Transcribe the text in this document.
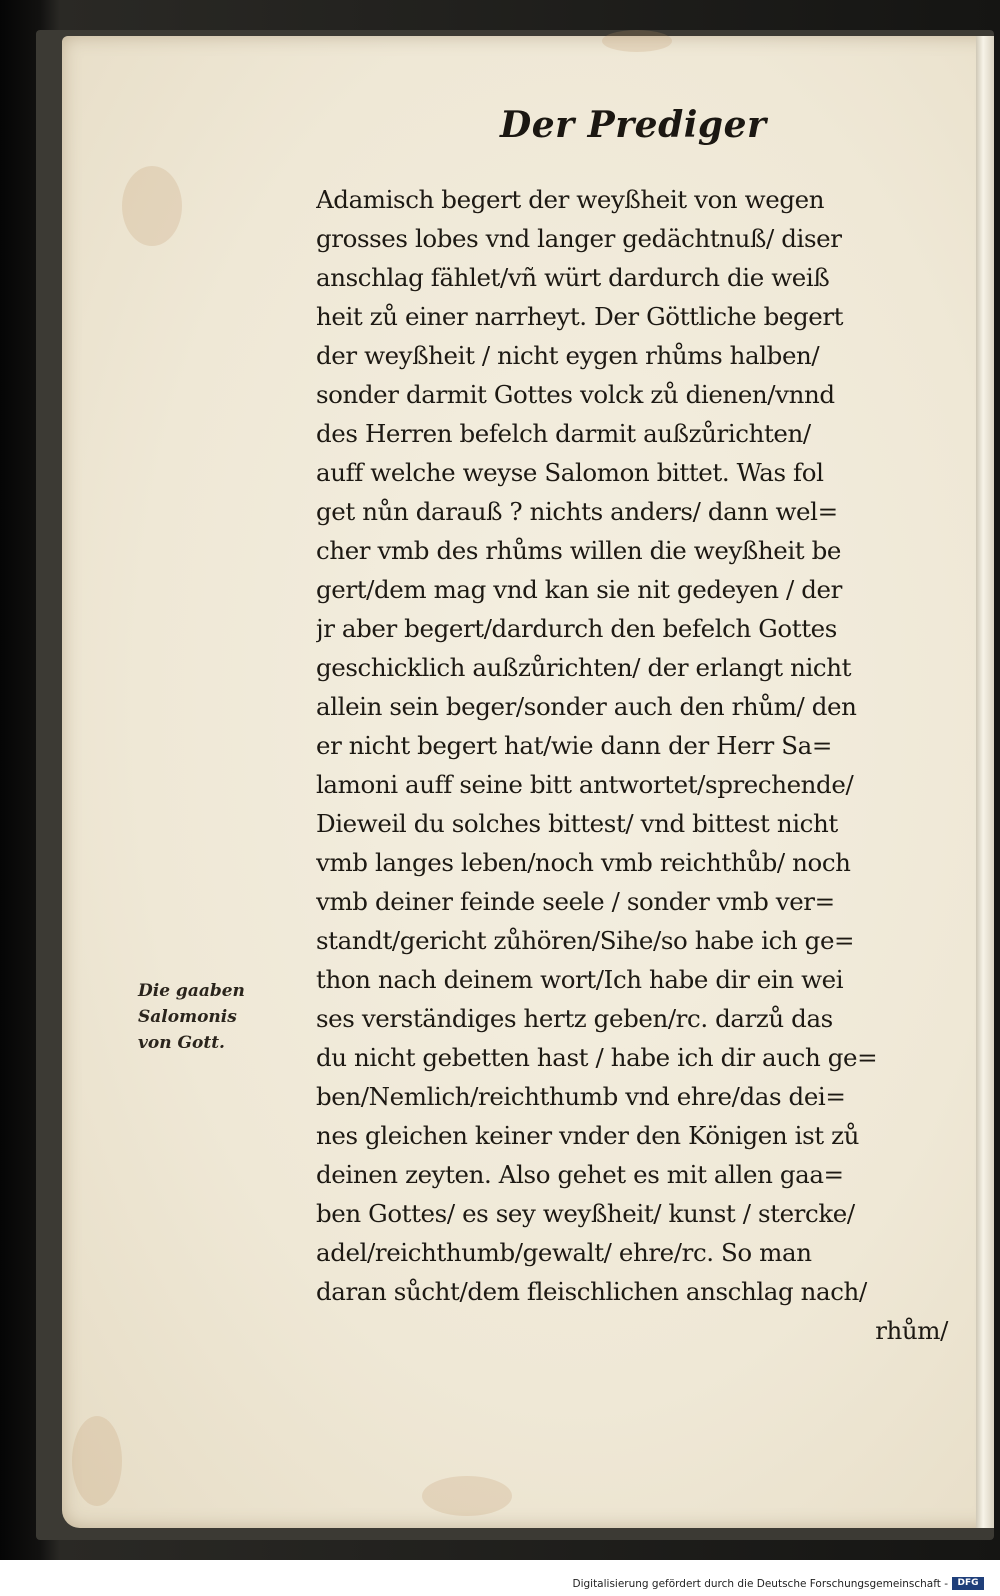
Der Prediger
Adamisch begert der weyßheit von wegen
grosses lobes vnd langer gedächtnuß/ diser
anschlag fählet/vñ würt dardurch die weiß
heit zů einer narrheyt. Der Göttliche begert
der weyßheit / nicht eygen rhůms halben/
sonder darmit Gottes volck zů dienen/vnnd
des Herren befelch darmit außzůrichten/
auff welche weyse Salomon bittet. Was fol
get nůn darauß ? nichts anders/ dann wel=
cher vmb des rhůms willen die weyßheit be
gert/dem mag vnd kan sie nit gedeyen / der
jr aber begert/dardurch den befelch Gottes
geschicklich außzůrichten/ der erlangt nicht
allein sein beger/sonder auch den rhům/ den
er nicht begert hat/wie dann der Herr Sa=
lamoni auff seine bitt antwortet/sprechende/
Dieweil du solches bittest/ vnd bittest nicht
vmb langes leben/noch vmb reichthůb/ noch
vmb deiner feinde seele / sonder vmb ver=
standt/gericht zůhören/Sihe/so habe ich ge=
thon nach deinem wort/Ich habe dir ein wei
ses verständiges hertz geben/rc. darzů das
du nicht gebetten hast / habe ich dir auch ge=
ben/Nemlich/reichthumb vnd ehre/das dei=
nes gleichen keiner vnder den Königen ist zů
deinen zeyten. Also gehet es mit allen gaa=
ben Gottes/ es sey weyßheit/ kunst / stercke/
adel/reichthumb/gewalt/ ehre/rc. So man
daran sůcht/dem fleischlichen anschlag nach/
rhům/
Die gaaben
Salomonis
von Gott.
Digitalisierung gefördert durch die Deutsche Forschungsgemeinschaft -	DFG
